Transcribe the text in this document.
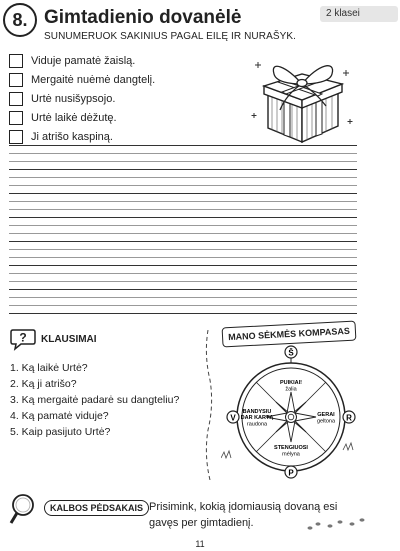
8. Gimtadienio dovanėlė	2 klasei
SUNUMERUOK SAKINIUS PAGAL EILĘ IR NURAŠYK.
Viduje pamatė žaislą.
Mergaitė nuėmė dangtelį.
Urtė nusišypsojo.
Urtė laikė dėžutę.
Ji atrišo kaspiną.
? KLAUSIMAI
1. Ką laikė Urtė?
2. Ką ji atrišo?
3. Ką mergaitė padarė su dangteliu?
4. Ką pamatė viduje?
5. Kaip pasijuto Urtė?
MANO SĖKMĖS KOMPASAS
Š
PUIKIAI!
žalia
GERAI
geltona
STENGIUOSI
mėlyna
BANDYSIU
DAR KARTĄ
raudona
V	R
P
KALBOS PĖDSAKAIS Prisimink, kokią įdomiausią dovaną esi
gavęs per gimtadienį.
11
